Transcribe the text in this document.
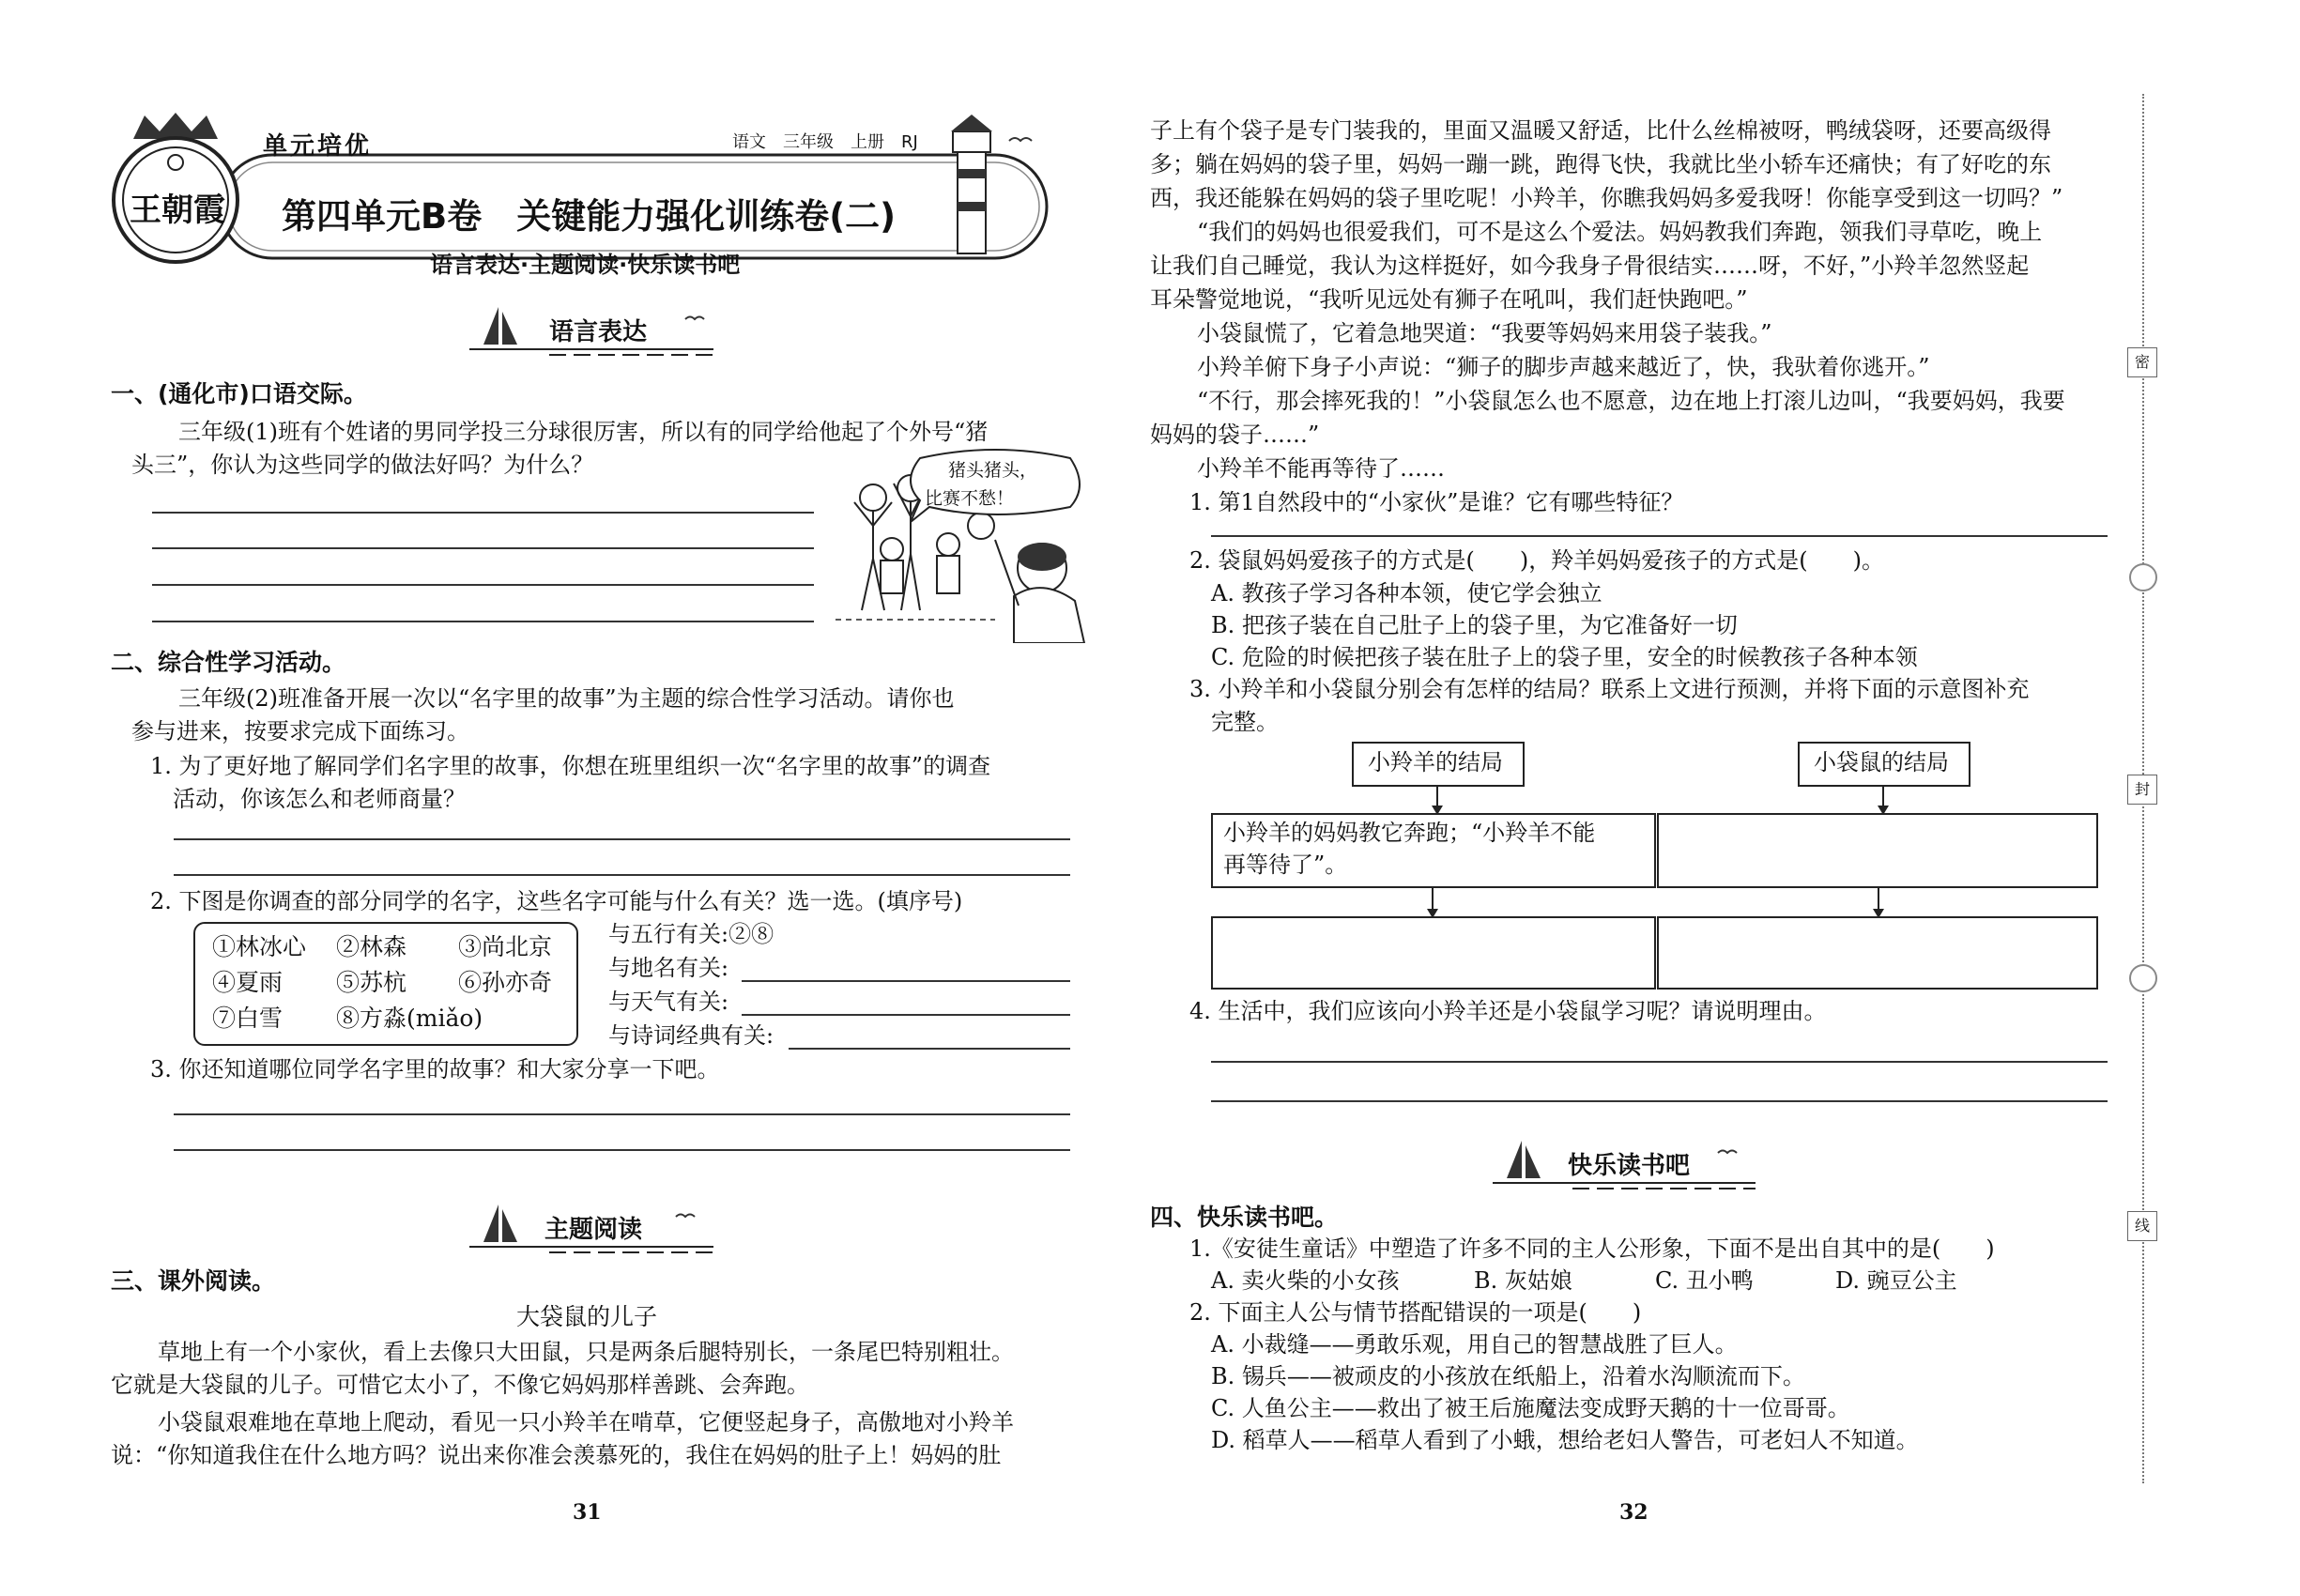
王朝霞
单元培优	语文　三年级　上册　RJ
第四单元B卷　关键能力强化训练卷(二)
语言表达·主题阅读·快乐读书吧
语言表达
一、(通化市)口语交际。
三年级(1)班有个姓诸的男同学投三分球很厉害，所以有的同学给他起了个外号“猪
头三”，你认为这些同学的做法好吗？为什么？	猪头猪头，
比赛不愁！
二、综合性学习活动。
三年级(2)班准备开展一次以“名字里的故事”为主题的综合性学习活动。请你也
参与进来，按要求完成下面练习。
1. 为了更好地了解同学们名字里的故事，你想在班里组织一次“名字里的故事”的调查
活动，你该怎么和老师商量？
2. 下图是你调查的部分同学的名字，这些名字可能与什么有关？选一选。(填序号)
①林冰心 ②林森 ③尚北京
④夏雨 ⑤苏杭 ⑥孙亦奇
⑦白雪 ⑧方淼(miǎo)
与五行有关:②⑧
与地名有关:
与天气有关:
与诗词经典有关:
3. 你还知道哪位同学名字里的故事？和大家分享一下吧。
主题阅读
三、课外阅读。
大袋鼠的儿子
草地上有一个小家伙，看上去像只大田鼠，只是两条后腿特别长，一条尾巴特别粗壮。
它就是大袋鼠的儿子。可惜它太小了，不像它妈妈那样善跳、会奔跑。
小袋鼠艰难地在草地上爬动，看见一只小羚羊在啃草，它便竖起身子，高傲地对小羚羊
说：“你知道我住在什么地方吗？说出来你准会羡慕死的，我住在妈妈的肚子上！妈妈的肚
31
子上有个袋子是专门装我的，里面又温暖又舒适，比什么丝棉被呀，鸭绒袋呀，还要高级得
多；躺在妈妈的袋子里，妈妈一蹦一跳，跑得飞快，我就比坐小轿车还痛快；有了好吃的东
西，我还能躲在妈妈的袋子里吃呢！小羚羊，你瞧我妈妈多爱我呀！你能享受到这一切吗？”
“我们的妈妈也很爱我们，可不是这么个爱法。妈妈教我们奔跑，领我们寻草吃，晚上
让我们自己睡觉，我认为这样挺好，如今我身子骨很结实……呀，不好，”小羚羊忽然竖起
耳朵警觉地说，“我听见远处有狮子在吼叫，我们赶快跑吧。”
小袋鼠慌了，它着急地哭道：“我要等妈妈来用袋子装我。”
小羚羊俯下身子小声说：“狮子的脚步声越来越近了，快，我驮着你逃开。”
“不行，那会摔死我的！”小袋鼠怎么也不愿意，边在地上打滚儿边叫，“我要妈妈，我要
妈妈的袋子……”
小羚羊不能再等待了……
1. 第1自然段中的“小家伙”是谁？它有哪些特征？
2. 袋鼠妈妈爱孩子的方式是(　　)，羚羊妈妈爱孩子的方式是(　　)。
A. 教孩子学习各种本领，使它学会独立
B. 把孩子装在自己肚子上的袋子里，为它准备好一切
C. 危险的时候把孩子装在肚子上的袋子里，安全的时候教孩子各种本领
3. 小羚羊和小袋鼠分别会有怎样的结局？联系上文进行预测，并将下面的示意图补充
完整。
小羚羊的结局	小袋鼠的结局
小羚羊的妈妈教它奔跑；“小羚羊不能
再等待了”。
4. 生活中，我们应该向小羚羊还是小袋鼠学习呢？请说明理由。
快乐读书吧
四、快乐读书吧。
1.《安徒生童话》中塑造了许多不同的主人公形象，下面不是出自其中的是(　　)
A. 卖火柴的小女孩	B. 灰姑娘	C. 丑小鸭	D. 豌豆公主
2. 下面主人公与情节搭配错误的一项是(　　)
A. 小裁缝——勇敢乐观，用自己的智慧战胜了巨人。
B. 锡兵——被顽皮的小孩放在纸船上，沿着水沟顺流而下。
C. 人鱼公主——救出了被王后施魔法变成野天鹅的十一位哥哥。
D. 稻草人——稻草人看到了小蛾，想给老妇人警告，可老妇人不知道。
32
密
封
线
